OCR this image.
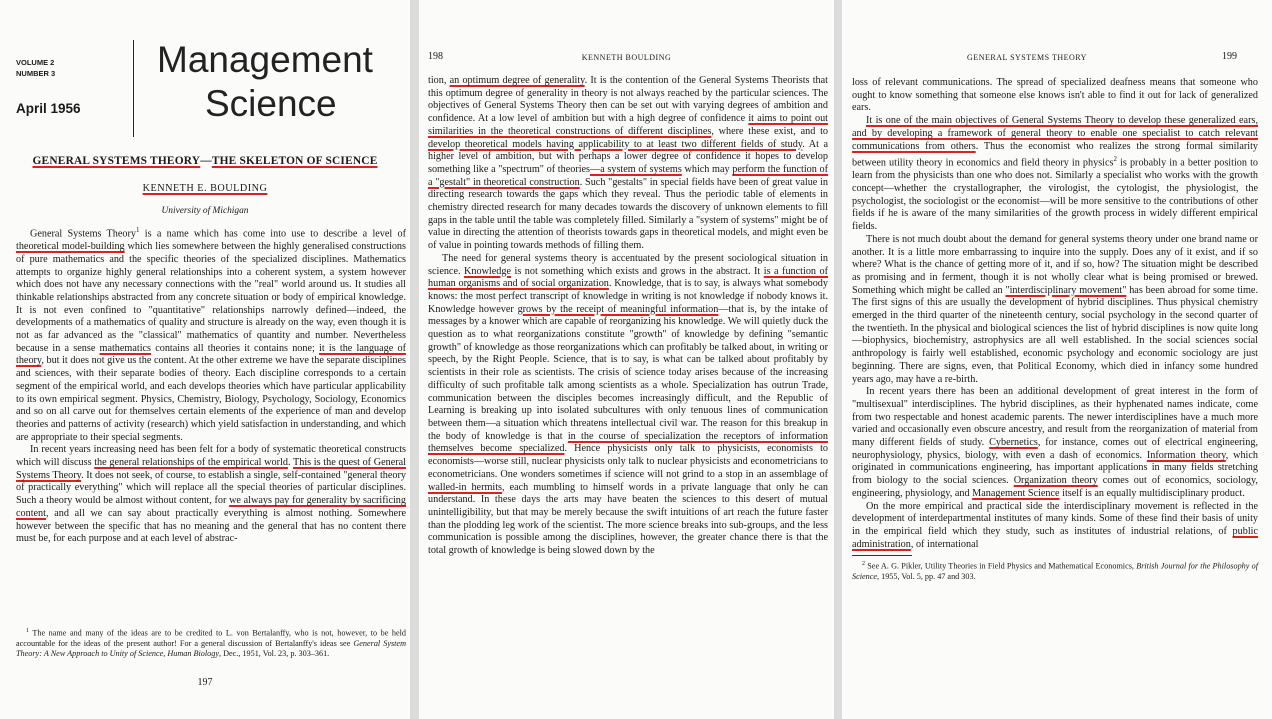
VOLUME 2
NUMBER 3
April 1956
Management
Science
GENERAL SYSTEMS THEORY—THE SKELETON OF SCIENCE
KENNETH E. BOULDING
University of Michigan

General Systems Theory$^1$ is a name which has come into use to describe a level of theoretical model-building which lies somewhere between the highly generalised constructions of pure mathematics and the specific theories of the specialized disciplines. Mathematics attempts to organize highly general relationships into a coherent system, a system however which does not have any necessary connections with the "real" world around us. It studies all thinkable relationships abstracted from any concrete situation or body of empirical knowledge. It is not even confined to "quantitative" relationships narrowly defined—indeed, the developments of a mathematics of quality and structure is already on the way, even though it is not as far advanced as the "classical" mathematics of quantity and number. Nevertheless because in a sense mathematics contains all theories it contains none; it is the language of theory, but it does not give us the content. At the other extreme we have the separate disciplines and sciences, with their separate bodies of theory. Each discipline corresponds to a certain segment of the empirical world, and each develops theories which have particular applicability to its own empirical segment. Physics, Chemistry, Biology, Psychology, Sociology, Economics and so on all carve out for themselves certain elements of the experience of man and develop theories and patterns of activity (research) which yield satisfaction in understanding, and which are appropriate to their special segments.

In recent years increasing need has been felt for a body of systematic theoretical constructs which will discuss the general relationships of the empirical world. This is the quest of General Systems Theory. It does not seek, of course, to establish a single, self-contained "general theory of practically everything" which will replace all the special theories of particular disciplines. Such a theory would be almost without content, for we always pay for generality by sacrificing content, and all we can say about practically everything is almost nothing. Somewhere however between the specific that has no meaning and the general that has no content there must be, for each purpose and at each level of abstrac-

$^1$ The name and many of the ideas are to be credited to L. von Bertalanffy, who is not, however, to be held accountable for the ideas of the present author! For a general discussion of Bertalanffy's ideas see General System Theory: A New Approach to Unity of Science, Human Biology, Dec., 1951, Vol. 23, p. 303–361.

197
198	KENNETH BOULDING

tion, an optimum degree of generality. It is the contention of the General Systems Theorists that this optimum degree of generality in theory is not always reached by the particular sciences. The objectives of General Systems Theory then can be set out with varying degrees of ambition and confidence. At a low level of ambition but with a high degree of confidence it aims to point out similarities in the theoretical constructions of different disciplines, where these exist, and to develop theoretical models having applicability to at least two different fields of study. At a higher level of ambition, but with perhaps a lower degree of confidence it hopes to develop something like a "spectrum" of theories—a system of systems which may perform the function of a "gestalt" in theoretical construction. Such "gestalts" in special fields have been of great value in directing research towards the gaps which they reveal. Thus the periodic table of elements in chemistry directed research for many decades towards the discovery of unknown elements to fill gaps in the table until the table was completely filled. Similarly a "system of systems" might be of value in directing the attention of theorists towards gaps in theoretical models, and might even be of value in pointing towards methods of filling them.

The need for general systems theory is accentuated by the present sociological situation in science. Knowledge is not something which exists and grows in the abstract. It is a function of human organisms and of social organization. Knowledge, that is to say, is always what somebody knows: the most perfect transcript of knowledge in writing is not knowledge if nobody knows it. Knowledge however grows by the receipt of meaningful information—that is, by the intake of messages by a knower which are capable of reorganizing his knowledge. We will quietly duck the question as to what reorganizations constitute "growth" of knowledge by defining "semantic growth" of knowledge as those reorganizations which can profitably be talked about, in writing or speech, by the Right People. Science, that is to say, is what can be talked about profitably by scientists in their role as scientists. The crisis of science today arises because of the increasing difficulty of such profitable talk among scientists as a whole. Specialization has outrun Trade, communication between the disciples becomes increasingly difficult, and the Republic of Learning is breaking up into isolated subcultures with only tenuous lines of communication between them—a situation which threatens intellectual civil war. The reason for this breakup in the body of knowledge is that in the course of specialization the receptors of information themselves become specialized. Hence physicists only talk to physicists, economists to economists—worse still, nuclear physicists only talk to nuclear physicists and econometricians to econometricians. One wonders sometimes if science will not grind to a stop in an assemblage of walled-in hermits, each mumbling to himself words in a private language that only he can understand. In these days the arts may have beaten the sciences to this desert of mutual unintelligibility, but that may be merely because the swift intuitions of art reach the future faster than the plodding leg work of the scientist. The more science breaks into sub-groups, and the less communication is possible among the disciplines, however, the greater chance there is that the total growth of knowledge is being slowed down by the

GENERAL SYSTEMS THEORY	199

loss of relevant communications. The spread of specialized deafness means that someone who ought to know something that someone else knows isn't able to find it out for lack of generalized ears.

It is one of the main objectives of General Systems Theory to develop these generalized ears, and by developing a framework of general theory to enable one specialist to catch relevant communications from others. Thus the economist who realizes the strong formal similarity between utility theory in economics and field theory in physics$^2$ is probably in a better position to learn from the physicists than one who does not. Similarly a specialist who works with the growth concept—whether the crystallographer, the virologist, the cytologist, the physiologist, the psychologist, the sociologist or the economist—will be more sensitive to the contributions of other fields if he is aware of the many similarities of the growth process in widely different empirical fields.

There is not much doubt about the demand for general systems theory under one brand name or another. It is a little more embarrassing to inquire into the supply. Does any of it exist, and if so where? What is the chance of getting more of it, and if so, how? The situation might be described as promising and in ferment, though it is not wholly clear what is being promised or brewed. Something which might be called an "interdisciplinary movement" has been abroad for some time. The first signs of this are usually the development of hybrid disciplines. Thus physical chemistry emerged in the third quarter of the nineteenth century, social psychology in the second quarter of the twentieth. In the physical and biological sciences the list of hybrid disciplines is now quite long—biophysics, biochemistry, astrophysics are all well established. In the social sciences social anthropology is fairly well established, economic psychology and economic sociology are just beginning. There are signs, even, that Political Economy, which died in infancy some hundred years ago, may have a re-birth.

In recent years there has been an additional development of great interest in the form of "multisexual" interdisciplines. The hybrid disciplines, as their hyphenated names indicate, come from two respectable and honest academic parents. The newer interdisciplines have a much more varied and occasionally even obscure ancestry, and result from the reorganization of material from many different fields of study. Cybernetics, for instance, comes out of electrical engineering, neurophysiology, physics, biology, with even a dash of economics. Information theory, which originated in communications engineering, has important applications in many fields stretching from biology to the social sciences. Organization theory comes out of economics, sociology, engineering, physiology, and Management Science itself is an equally multidisciplinary product.

On the more empirical and practical side the interdisciplinary movement is reflected in the development of interdepartmental institutes of many kinds. Some of these find their basis of unity in the empirical field which they study, such as institutes of industrial relations, of public administration, of international

$^2$ See A. G. Pikler, Utility Theories in Field Physics and Mathematical Economics, British Journal for the Philosophy of Science, 1955, Vol. 5, pp. 47 and 303.
